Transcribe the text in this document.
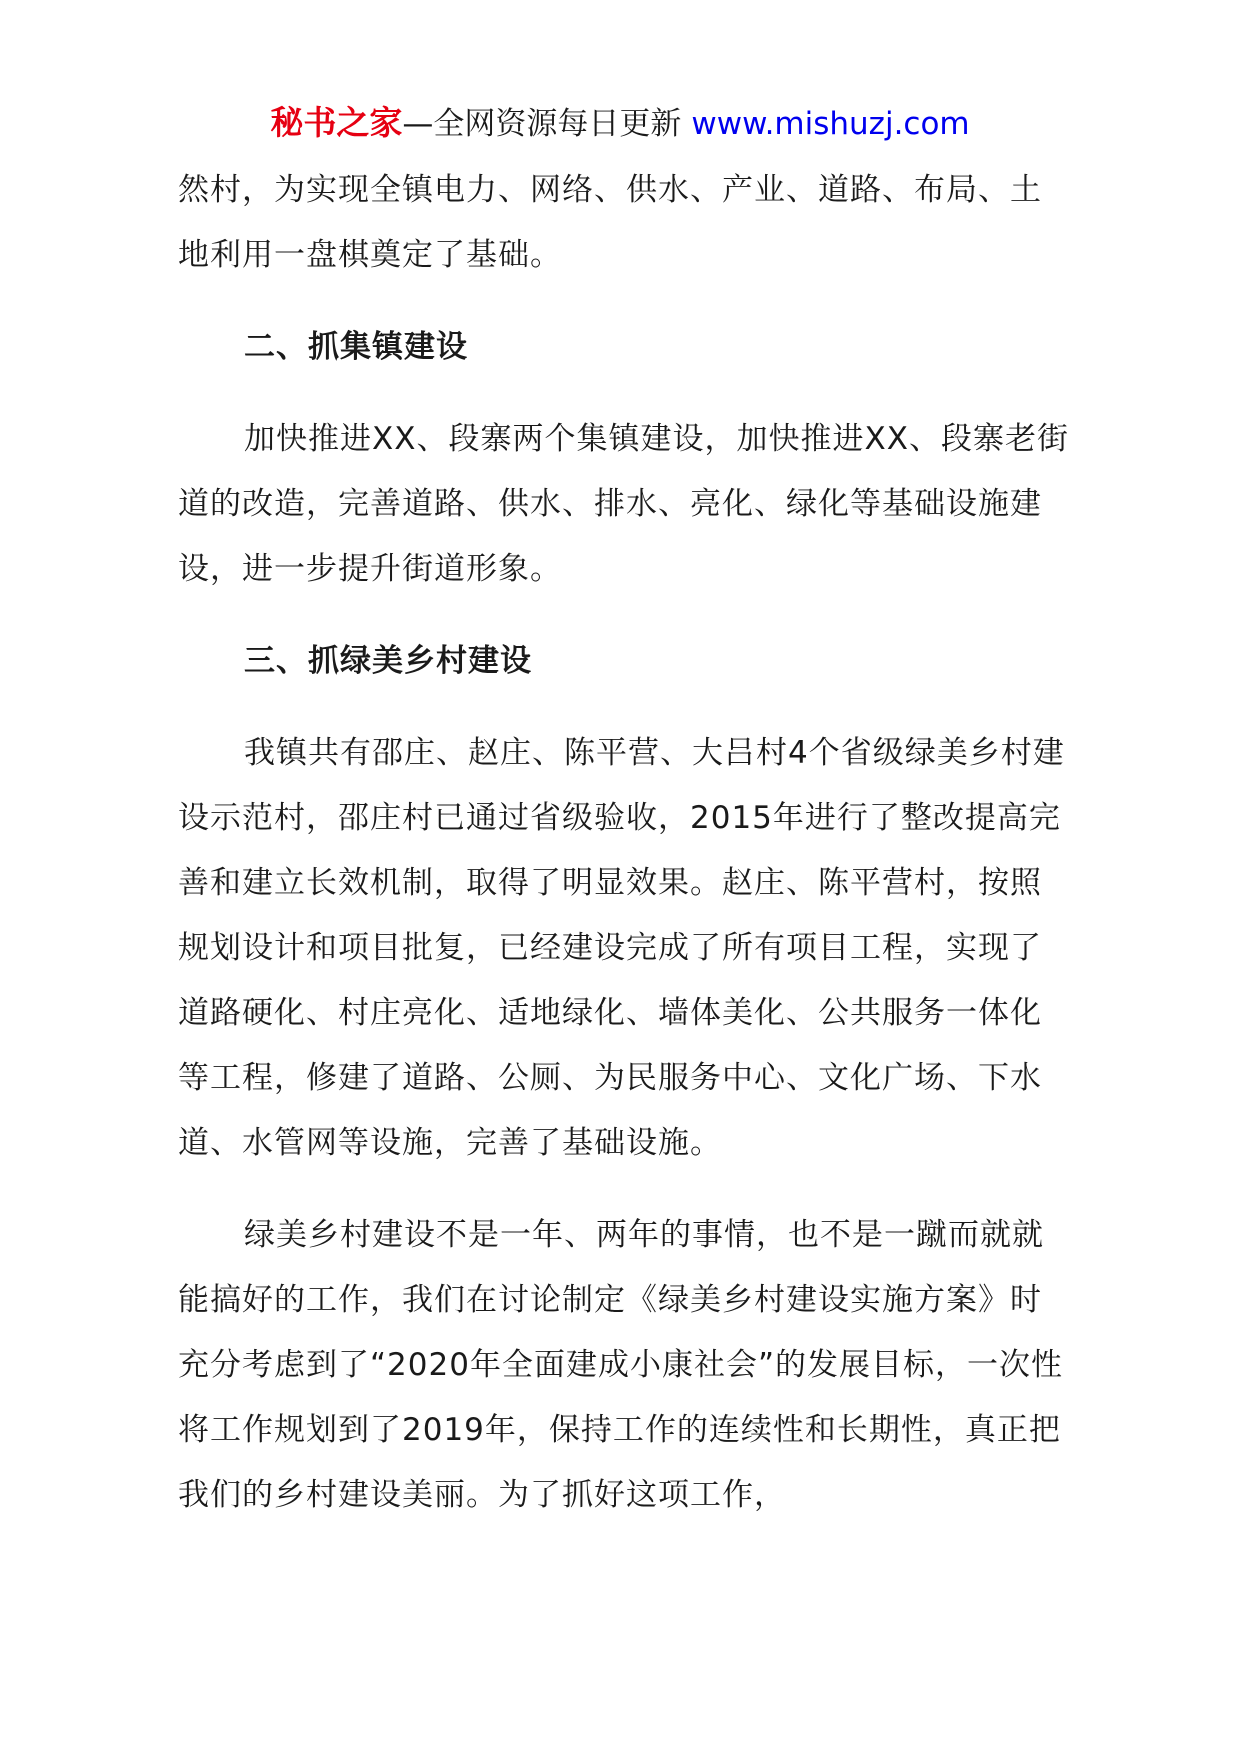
秘书之家—全网资源每日更新 www.mishuzj.com

然村，为实现全镇电力、网络、供水、产业、道路、布局、土地利用一盘棋奠定了基础。

二、抓集镇建设

加快推进XX、段寨两个集镇建设，加快推进XX、段寨老街道的改造，完善道路、供水、排水、亮化、绿化等基础设施建设，进一步提升街道形象。

三、抓绿美乡村建设

我镇共有邵庄、赵庄、陈平营、大吕村4个省级绿美乡村建设示范村，邵庄村已通过省级验收，2015年进行了整改提高完善和建立长效机制，取得了明显效果。赵庄、陈平营村，按照规划设计和项目批复，已经建设完成了所有项目工程，实现了道路硬化、村庄亮化、适地绿化、墙体美化、公共服务一体化等工程，修建了道路、公厕、为民服务中心、文化广场、下水道、水管网等设施，完善了基础设施。

绿美乡村建设不是一年、两年的事情，也不是一蹴而就就能搞好的工作，我们在讨论制定《绿美乡村建设实施方案》时充分考虑到了“2020年全面建成小康社会”的发展目标，一次性将工作规划到了2019年，保持工作的连续性和长期性，真正把我们的乡村建设美丽。为了抓好这项工作，
